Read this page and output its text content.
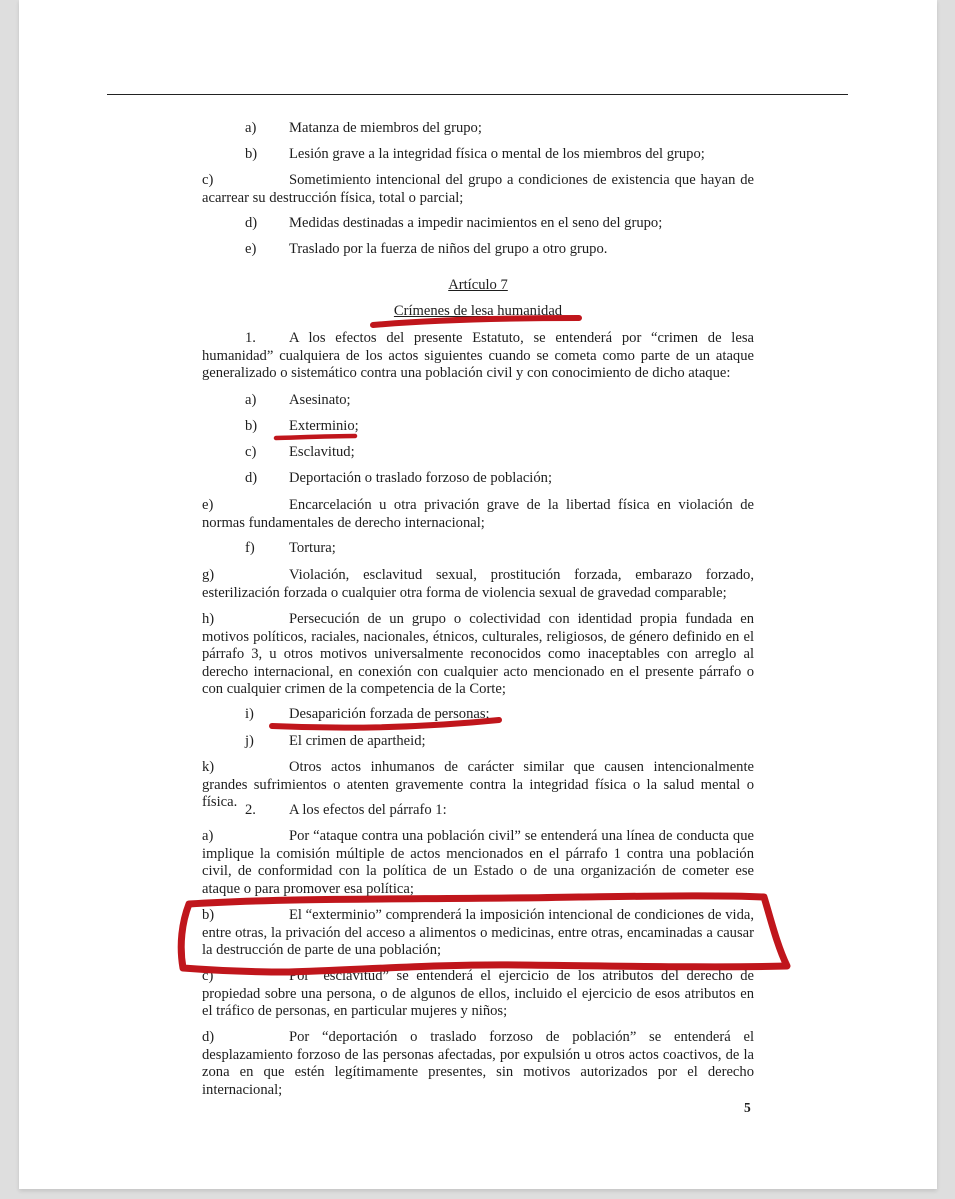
a) Matanza de miembros del grupo;
b) Lesión grave a la integridad física o mental de los miembros del grupo;
c)	Sometimiento intencional del grupo a condiciones de existencia que hayan de acarrear su destrucción física, total o parcial;
d) Medidas destinadas a impedir nacimientos en el seno del grupo;
e) Traslado por la fuerza de niños del grupo a otro grupo.
Artículo 7
Crímenes de lesa humanidad
1. A los efectos del presente Estatuto, se entenderá por “crimen de lesa humanidad” cualquiera de los actos siguientes cuando se cometa como parte de un ataque generalizado o sistemático contra una población civil y con conocimiento de dicho ataque:
a) Asesinato;
b) Exterminio;
c) Esclavitud;
d) Deportación o traslado forzoso de población;
e)	Encarcelación u otra privación grave de la libertad física en violación de normas fundamentales de derecho internacional;
f) Tortura;
g)	Violación, esclavitud sexual, prostitución forzada, embarazo forzado, esterilización forzada o cualquier otra forma de violencia sexual de gravedad comparable;
h)	Persecución de un grupo o colectividad con identidad propia fundada en motivos políticos, raciales, nacionales, étnicos, culturales, religiosos, de género definido en el párrafo 3, u otros motivos universalmente reconocidos como inaceptables con arreglo al derecho internacional, en conexión con cualquier acto mencionado en el presente párrafo o con cualquier crimen de la competencia de la Corte;
i) Desaparición forzada de personas;
j) El crimen de apartheid;
k)	Otros actos inhumanos de carácter similar que causen intencionalmente grandes sufrimientos o atenten gravemente contra la integridad física o la salud mental o física. 2. A los efectos del párrafo 1:
a)	Por “ataque contra una población civil” se entenderá una línea de conducta que implique la comisión múltiple de actos mencionados en el párrafo 1 contra una población civil, de conformidad con la política de un Estado o de una organización de cometer ese ataque o para promover esa política;
b)	El “exterminio” comprenderá la imposición intencional de condiciones de vida, entre otras, la privación del acceso a alimentos o medicinas, entre otras, encaminadas a causar la destrucción de parte de una población;
c)	Por “esclavitud” se entenderá el ejercicio de los atributos del derecho de propiedad sobre una persona, o de algunos de ellos, incluido el ejercicio de esos atributos en el tráfico de personas, en particular mujeres y niños;
d)	Por “deportación o traslado forzoso de población” se entenderá el desplazamiento forzoso de las personas afectadas, por expulsión u otros actos coactivos, de la zona en que estén legítimamente presentes, sin motivos autorizados por el derecho internacional;
5
